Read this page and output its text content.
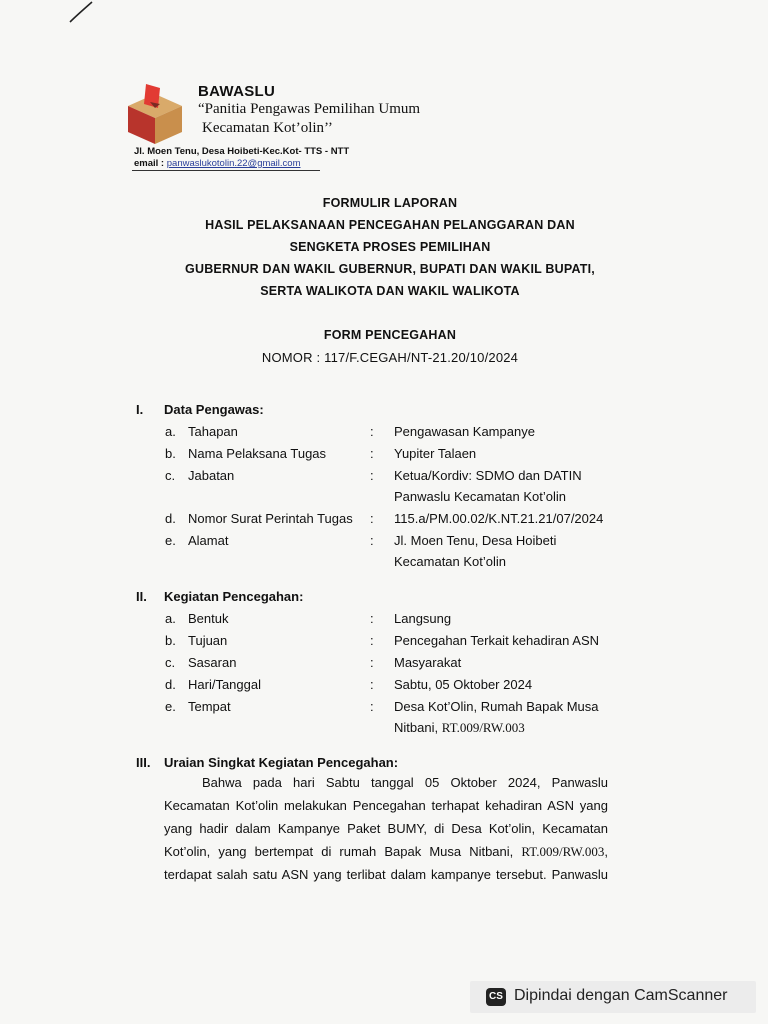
BAWASLU
“Panitia Pengawas Pemilihan Umum
Kecamatan Kot’olin’’
Jl. Moen Tenu, Desa Hoibeti-Kec.Kot- TTS - NTT
email : panwaslukotolin.22@gmail.com
FORMULIR LAPORAN
HASIL PELAKSANAAN PENCEGAHAN PELANGGARAN DAN
SENGKETA PROSES PEMILIHAN
GUBERNUR DAN WAKIL GUBERNUR, BUPATI DAN WAKIL BUPATI,
SERTA WALIKOTA DAN WAKIL WALIKOTA
FORM PENCEGAHAN
NOMOR : 117/F.CEGAH/NT-21.20/10/2024
I. Data Pengawas:
a. Tahapan	: Pengawasan Kampanye
b. Nama Pelaksana Tugas	: Yupiter Talaen
c. Jabatan	: Ketua/Kordiv: SDMO dan DATIN
Panwaslu Kecamatan Kot’olin
d. Nomor Surat Perintah Tugas : 115.a/PM.00.02/K.NT.21.21/07/2024
e. Alamat	: Jl. Moen Tenu, Desa Hoibeti
Kecamatan Kot’olin
II. Kegiatan Pencegahan:
a. Bentuk	: Langsung
b. Tujuan	: Pencegahan Terkait kehadiran ASN
c. Sasaran	: Masyarakat
d. Hari/Tanggal	: Sabtu, 05 Oktober 2024
e. Tempat	: Desa Kot’Olin, Rumah Bapak Musa
Nitbani, RT.009/RW.003
III. Uraian Singkat Kegiatan Pencegahan:
Bahwa pada hari Sabtu tanggal 05 Oktober 2024, Panwaslu
Kecamatan Kot’olin melakukan Pencegahan terhapat kehadiran ASN yang
yang hadir dalam Kampanye Paket BUMY, di Desa Kot’olin, Kecamatan
Kot’olin, yang bertempat di rumah Bapak Musa Nitbani, RT.009/RW.003,
terdapat salah satu ASN yang terlibat dalam kampanye tersebut. Panwaslu
CS Dipindai dengan CamScanner
